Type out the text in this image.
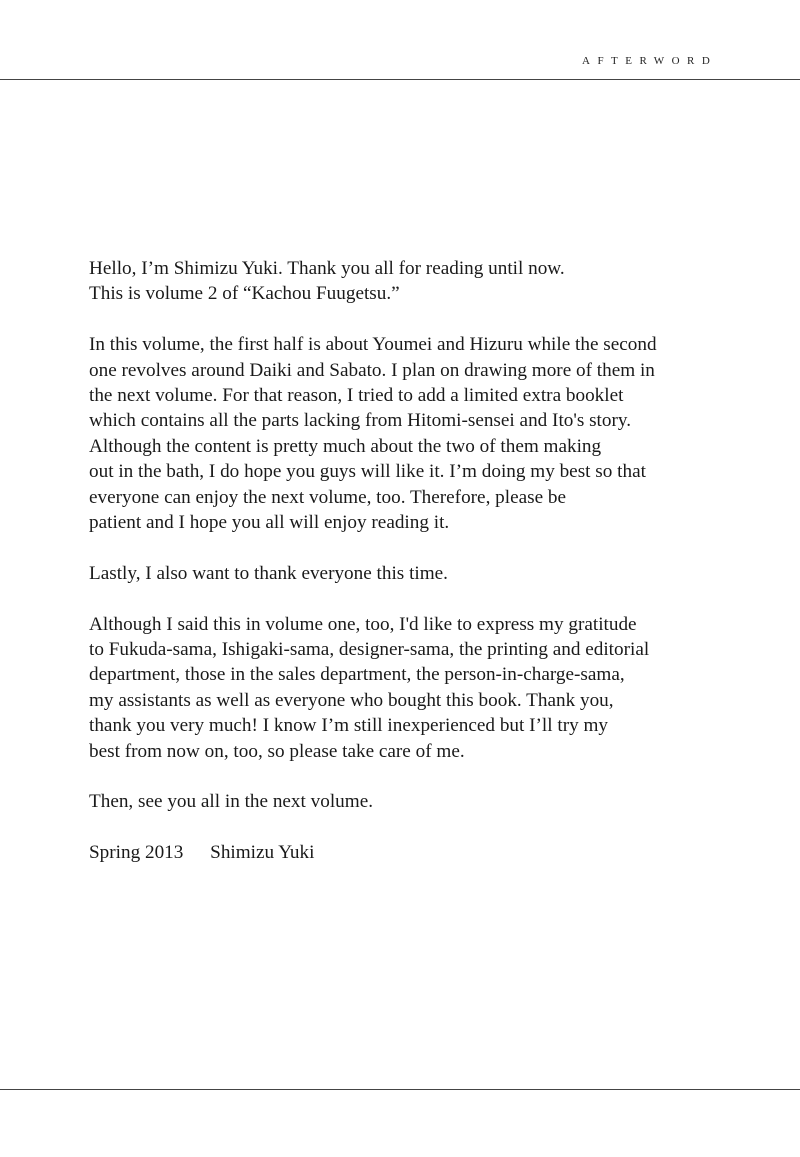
AFTERWORD

Hello, I’m Shimizu Yuki. Thank you all for reading until now.
This is volume 2 of “Kachou Fuugetsu.”

In this volume, the first half is about Youmei and Hizuru while the second
one revolves around Daiki and Sabato. I plan on drawing more of them in
the next volume. For that reason, I tried to add a limited extra booklet
which contains all the parts lacking from Hitomi-sensei and Ito's story.
Although the content is pretty much about the two of them making
out in the bath, I do hope you guys will like it. I’m doing my best so that
everyone can enjoy the next volume, too. Therefore, please be
patient and I hope you all will enjoy reading it.

Lastly, I also want to thank everyone this time.

Although I said this in volume one, too, I'd like to express my gratitude
to Fukuda-sama, Ishigaki-sama, designer-sama, the printing and editorial
department, those in the sales department, the person-in-charge-sama,
my assistants as well as everyone who bought this book. Thank you,
thank you very much! I know I’m still inexperienced but I’ll try my
best from now on, too, so please take care of me.

Then, see you all in the next volume.

Spring 2013 Shimizu Yuki
